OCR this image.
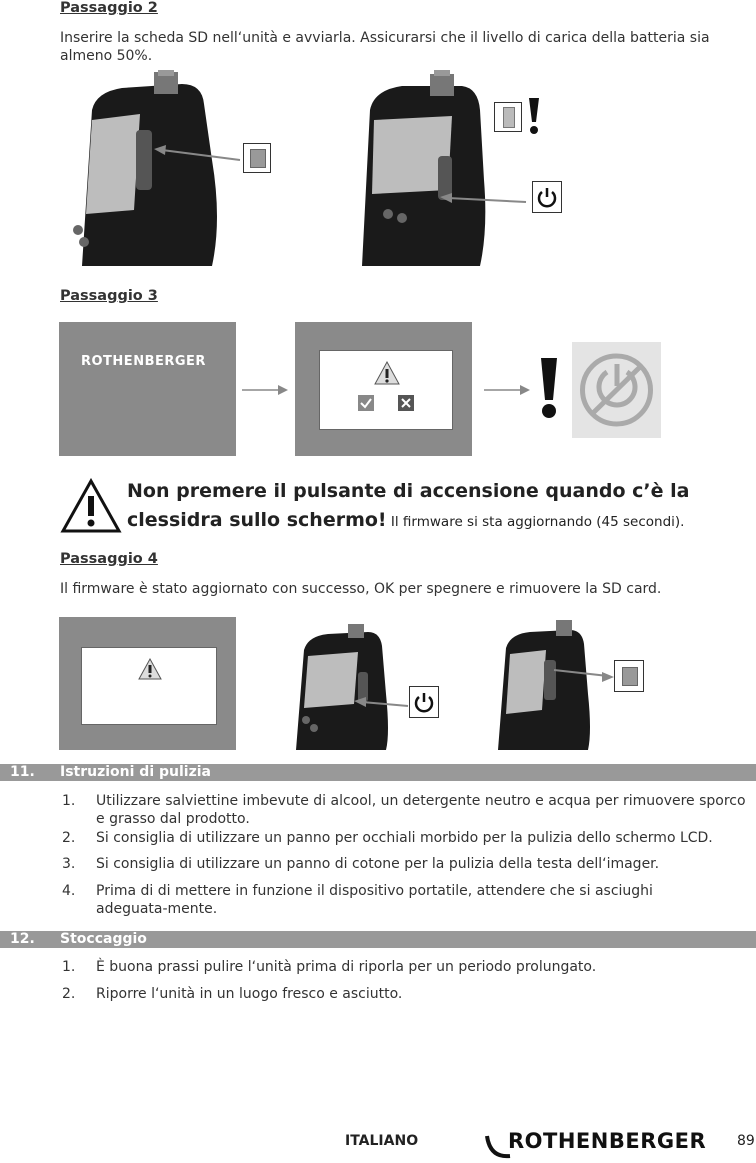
Passaggio 2
Inserire la scheda SD nell‘unità e avviarla. Assicurarsi che il livello di carica della batteria sia almeno 50%.
Passaggio 3
ROTHENBERGER
Non premere il pulsante di accensione quando c’è la clessidra sullo schermo! Il firmware si sta aggiornando (45 secondi).
Passaggio 4
Il firmware è stato aggiornato con successo, OK per spegnere e rimuovere la SD card.
11. Istruzioni di pulizia
1. Utilizzare salviettine imbevute di alcool, un detergente neutro e acqua per rimuovere sporco e grasso dal prodotto.
2. Si consiglia di utilizzare un panno per occhiali morbido per la pulizia dello schermo LCD.
3. Si consiglia di utilizzare un panno di cotone per la pulizia della testa dell‘imager.
4. Prima di di mettere in funzione il dispositivo portatile, attendere che si asciughi adeguata-mente.
12. Stoccaggio
1. È buona prassi pulire l‘unità prima di riporla per un periodo prolungato.
2. Riporre l‘unità in un luogo fresco e asciutto.
ITALIANO	ROTHENBERGER 89
